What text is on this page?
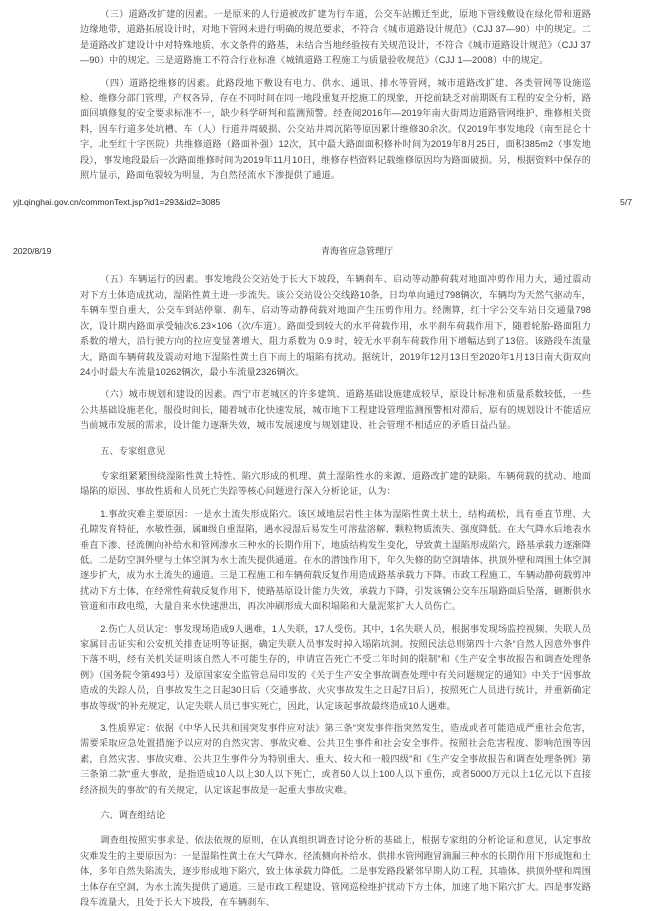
（三）道路改扩建的因素。一是原来的人行道被改扩建为行车道，公交车站搬迁至此，原地下管线敷设在绿化带和道路边缘地带，道路拓展设计时，对地下管网未进行明确的规范要求，不符合《城市道路设计规范》（CJJ 37—90）中的规定。二是道路改扩建设计中对特殊地质、水文条件的路基，未结合当地经验按有关规范设计，不符合《城市道路设计规范》（CJJ 37—90）中的规定。三是道路施工不符合行业标准《城镇道路工程施工与质量验收规范》（CJJ 1—2008）中的规定。

（四）道路挖维修的因素。此路段地下敷设有电力、供水、通讯、排水等管网，城市道路改扩建、各类管网等设施巡检、维修分部门管理，产权各异，存在不同时间在同一地段重复开挖施工的现象，开挖前缺乏对前期既有工程的安全分析，路面回填修复的安全要求标准不一，缺少科学研判和监测预警。经查阅2016年—2019年南大街周边道路管网维护、维修相关资料，因车行道多处坑槽、车（人）行道井周破损、公交站井周沉陷等原因累计维修30余次。仅2019年事发地段（南至昆仑十字，北至红十字医院）共维修道路（路面补强）12次，其中最大路面面积修补时间为2019年8月25日，面积385m2（事发地段），事发地段最后一次路面维修时间为2019年11月10日，维修存档资料记载维修原因均为路面破损。另，根据资料中保存的照片显示，路面龟裂较为明显，为自然径流水下渗提供了通道。

yjt.qinghai.gov.cn/commonText.jsp?id1=293&id2=3085	5/7
2020/8/19	青海省应急管理厅

（五）车辆运行的因素。事发地段公交站处于长大下坡段，车辆刹车、启动等动静荷载对地面冲剪作用力大，通过震动对下方土体造成扰动，湿陷性黄土进一步流失。该公交站设公交线路10条，日均单向通过798辆次，车辆均为天然气驱动车，车辆车型自重大，公交车到站停靠、刹车、启动等动静荷载对地面产生压剪作用力。经测算，红十字公交车站日交通量798次，设计期内路面承受轴次6.23×106（次/车道）。路面受到较大的水平荷载作用，水平刹车荷载作用下，随着轮胎-路面阻力系数的增大，沿行驶方向的拉应变显著增大，阻力系数为 0.9 时，较无水平刹车荷载作用下增幅达到了13倍。该路段车流量大，路面车辆荷载及震动对地下湿陷性黄土自下而上的塌陷有扰动。据统计，2019年12月13日至2020年1月13日南大街双向24小时最大车流量10262辆次，最小车流量2326辆次。

（六）城市规划和建设的因素。西宁市老城区的许多建筑、道路基础设施建成较早，原设计标准和质量系数较低，一些公共基础设施老化，服役时间长，随着城市化快速发展，城市地下工程建设管理监测预警相对滞后，原有的规划设计不能适应当前城市发展的需求，设计能力逐渐失效，城市发展速度与规划建设、社会管理不相适应的矛盾日益凸显。

五、专家组意见

专家组紧紧围绕湿陷性黄土特性、陷穴形成的机理、黄土湿陷性水的来源、道路改扩建的缺陷、车辆荷载的扰动、地面塌陷的原因、事故性质和人员死亡失踪等核心问题进行深入分析论证，认为：

1.事故灾难主要原因：一是水土流失形成陷穴。该区域地层岩性主体为湿陷性黄土状土，结构疏松，具有垂直节理、大孔隙发育特征，水敏性强，属Ⅲ级自重湿陷，遇水浸湿后易发生可溶盐溶解、颗粒物质流失、强度降低。在大气降水后地表水垂直下渗、径流侧向补给水和管网渗水三种水的长期作用下，地质结构发生变化，导致黄土湿陷形成陷穴，路基承载力逐渐降低。二是防空洞外壁与土体空洞为水土流失提供通道。在水的潜蚀作用下，年久失修的防空洞墙体、拱顶外壁和周围土体空洞逐步扩大，成为水土流失的通道。三是工程施工和车辆荷载反复作用造成路基承载力下降。市政工程施工、车辆动静荷载剪冲扰动下方土体，在经常性荷载反复作用下，使路基原设计能力失效，承载力下降，引发该辆公交车压塌路面后坠落，砸断供水管道和市政电缆，大量自来水快速泄出，再次冲刷形成大面积塌陷和大量泥浆扩大人员伤亡。

2.伤亡人员认定：事发现场造成9人遇难，1人失联，17人受伤。其中，1名失联人员，根据事发现场监控视频、失联人员家属目击证实和公安机关排查证明等证据，确定失联人员事发时掉入塌陷坑洞。按照民法总则第四十六条“自然人因意外事件下落不明，经有关机关证明该自然人不可能生存的，申请宣告死亡不受二年时间的限制”和《生产安全事故报告和调查处理条例》（国务院令第493号）及原国家安全监管总局印发的《关于生产安全事故调查处理中有关问题规定的通知》中关于“因事故造成的失踪人员，自事故发生之日起30日后（交通事故、火灾事故发生之日起7日后），按照死亡人员进行统计，并重新确定事故等级”的补充规定，认定失联人员已事实死亡，因此，认定该起事故最终造成10人遇难。

3.性质界定：依据《中华人民共和国突发事件应对法》第三条“突发事件指突然发生，造成或者可能造成严重社会危害，需要采取应急处置措施予以应对的自然灾害、事故灾难、公共卫生事件和社会安全事件。按照社会危害程度、影响范围等因素，自然灾害、事故灾难、公共卫生事件分为特别重大、重大、较大和一般四级”和《生产安全事故报告和调查处理条例》第三条第二款“重大事故，是指造成10人以上30人以下死亡，或者50人以上100人以下重伤，或者5000万元以上1亿元以下直接经济损失的事故”的有关规定，认定该起事故是一起重大事故灾难。

六、调查组结论

调查组按照实事求是、依法依规的原则，在认真组织调查讨论分析的基础上，根据专家组的分析论证和意见，认定事故灾难发生的主要原因为：一是湿陷性黄土在大气降水、径流侧向补给水、供排水管网跑冒滴漏三种水的长期作用下形成饱和土体，多年自然失陷流失，逐步形成地下陷穴，致土体承载力降低。二是事发路段紧邻早期人防工程，其墙体、拱顶外壁和周围土体存在空洞，为水土流失提供了通道。三是市政工程建设、管网巡检维护扰动下方土体，加速了地下陷穴扩大。四是事发路段车流量大，且处于长大下坡段，在车辆刹车、
